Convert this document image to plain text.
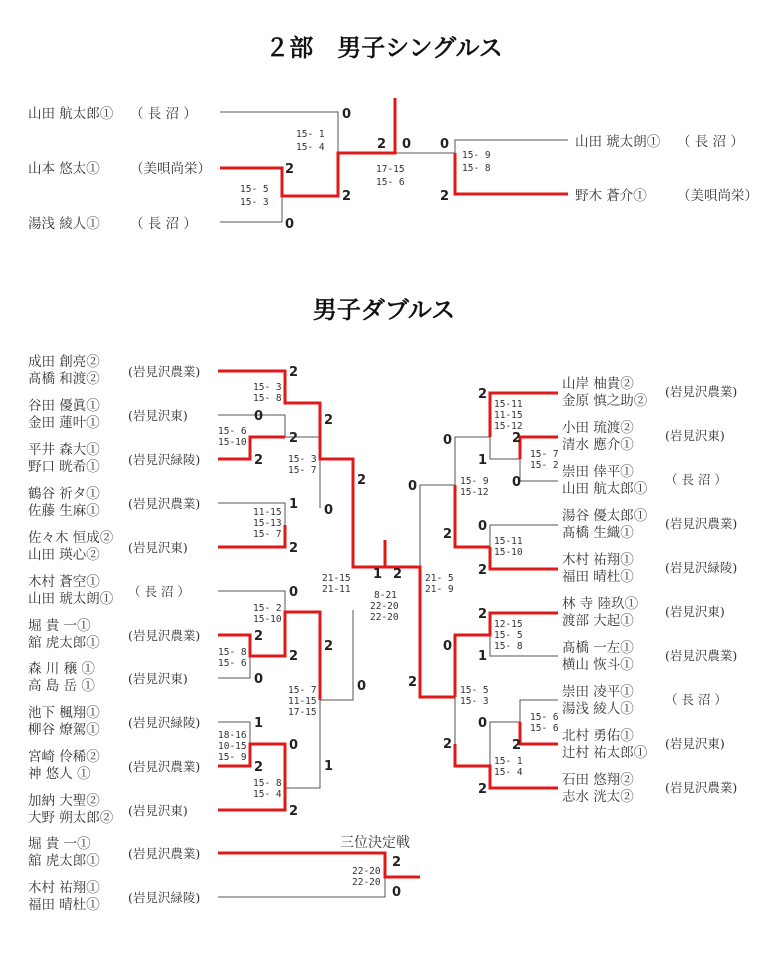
２部　男子シングルス
男子ダブルス
山田 航太郎① （ 長 沼 ）
山本 悠太① （美唄尚栄）
湯浅 綾人① （ 長 沼 ）
山田 琥太朗① （ 長 沼 ）
野木 蒼介① （美唄尚栄）
0
2
2
0
2 0 0
2
15- 1
15- 4
15- 5
15- 3
17-15
15- 6
15- 9
15- 8
成田 創亮②
髙橋 和渡② (岩見沢農業)
谷田 優眞①
金田 蓮叶① (岩見沢東)
平井 森大①
野口 晄希① (岩見沢緑陵)
鶴谷 祈タ①
佐藤 生麻① (岩見沢農業)
佐々木 恒成②
山田 瑛心② (岩見沢東)
木村 蒼空①
山田 琥太朗① （ 長 沼 ）
堀 貴 一①
舘 虎太郎① (岩見沢農業)
森 川 穣 ①
高 島 岳 ①	(岩見沢東)
池下 楓翔①
柳谷 燎駕① (岩見沢緑陵)
宮崎 伶稀②
神 悠人 ①	(岩見沢農業)
加納 大聖②
大野 朔太郎② (岩見沢東)
2
0
2
2
2
1 0
2
2
0
2
2
0
2
0
1
0
2	1
2
15- 3
15- 8
15- 6
15-10
15- 3
15- 7
11-15
15-13
15- 7
21-15
21-11
15- 2
15-10
15- 8
15- 6
15- 7
11-15
17-15
18-16
10-15
15- 9
15- 8
15- 4
1 2
8-21
22-20
22-20
山岸 柚貴②
金原 慎之助②
(岩見沢農業)
小田 琉渡②
清水 應介①
(岩見沢東)
崇田 倖平①
山田 航太郎①
（ 長 沼 ）
湯谷 優太郎①
髙橋 生織①
(岩見沢農業)
木村 祐翔①
福田 晴杜①
(岩見沢緑陵)
林 寺 陸玖①
渡部 大起①
(岩見沢東)
髙橋 一左①
横山 恢斗①
(岩見沢農業)
崇田 凌平①
湯浅 綾人①
（ 長 沼 ）
北村 勇佑①
辻村 祐太郎①
(岩見沢東)
石田 悠翔②
志水 洸太②
(岩見沢農業)
2
0	2
1
0
0
0
2
2
2
0
1
2
0
2	2
2
15-11
11-15
15-12
15- 7
15- 2
15- 9
15-12
15-11
15-10
21- 5
21- 9
12-15
15- 5
15- 8
15- 5
15- 3
15- 6
15- 6
15- 1
15- 4
三位決定戦
堀 貴 一①
舘 虎太郎① (岩見沢農業)
木村 祐翔①
福田 晴杜① (岩見沢緑陵)
2
0
22-20
22-20
